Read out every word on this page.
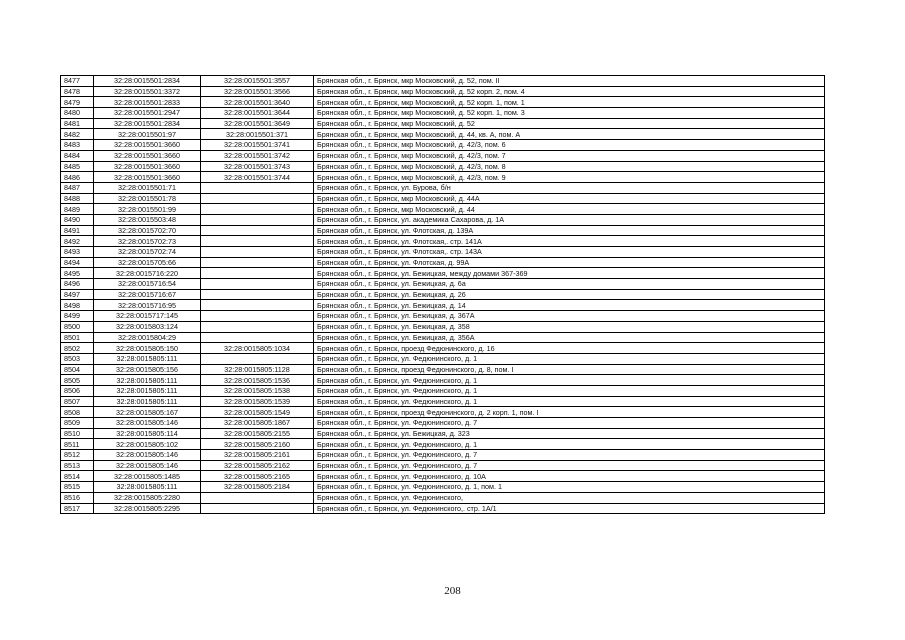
8477	32:28:0015501:2834	32:28:0015501:3557	Брянская обл., г. Брянск, мкр Московский, д. 52, пом. II
8478	32:28:0015501:3372	32:28:0015501:3566	Брянская обл., г. Брянск, мкр Московский, д. 52 корп. 2, пом. 4
8479	32:28:0015501:2833	32:28:0015501:3640	Брянская обл., г. Брянск, мкр Московский, д. 52 корп. 1, пом. 1
8480	32:28:0015501:2947	32:28:0015501:3644	Брянская обл., г. Брянск, мкр Московский, д. 52 корп. 1, пом. 3
8481	32:28:0015501:2834	32:28:0015501:3649	Брянская обл., г. Брянск, мкр Московский, д. 52
8482	32:28:0015501:97	32:28:0015501:371	Брянская обл., г. Брянск, мкр Московский, д. 44, кв. А, пом. А
8483	32:28:0015501:3660	32:28:0015501:3741	Брянская обл., г. Брянск, мкр Московский, д. 42/3, пом. 6
8484	32:28:0015501:3660	32:28:0015501:3742	Брянская обл., г. Брянск, мкр Московский, д. 42/3, пом. 7
8485	32:28:0015501:3660	32:28:0015501:3743	Брянская обл., г. Брянск, мкр Московский, д. 42/3, пом. 8
8486	32:28:0015501:3660	32:28:0015501:3744	Брянская обл., г. Брянск, мкр Московский, д. 42/3, пом. 9
8487	32:28:0015501:71		Брянская обл., г. Брянск, ул. Бурова, б/н
8488	32:28:0015501:78		Брянская обл., г. Брянск, мкр Московский, д. 44А
8489	32:28:0015501:99		Брянская обл., г. Брянск, мкр Московский, д. 44
8490	32:28:0015503:48		Брянская обл., г. Брянск, ул. академика Сахарова, д. 1А
8491	32:28:0015702:70		Брянская обл., г. Брянск, ул. Флотская, д. 139А
8492	32:28:0015702:73		Брянская обл., г. Брянск, ул. Флотская,. стр. 141А
8493	32:28:0015702:74		Брянская обл., г. Брянск, ул. Флотская,. стр. 143А
8494	32:28:0015705:66		Брянская обл., г. Брянск, ул. Флотская, д. 99А
8495	32:28:0015716:220		Брянская обл., г. Брянск, ул. Бежицкая, между домами 367-369
8496	32:28:0015716:54		Брянская обл., г. Брянск, ул. Бежицкая, д. 6а
8497	32:28:0015716:67		Брянская обл., г. Брянск, ул. Бежицкая, д. 26
8498	32:28:0015716:95		Брянская обл., г. Брянск, ул. Бежицкая, д. 14
8499	32:28:0015717:145		Брянская обл., г. Брянск, ул. Бежицкая, д. 367А
8500	32:28:0015803:124		Брянская обл., г. Брянск, ул. Бежицкая, д. 358
8501	32:28:0015804:29		Брянская обл., г. Брянск, ул. Бежицкая, д. 356А
8502	32:28:0015805:150	32:28:0015805:1034	Брянская обл., г. Брянск, проезд Федюнинского, д. 16
8503	32:28:0015805:111		Брянская обл., г. Брянск, ул. Федюнинского, д. 1
8504	32:28:0015805:156	32:28:0015805:1128	Брянская обл., г. Брянск, проезд Федюнинского, д. 8, пом. I
8505	32:28:0015805:111	32:28:0015805:1536	Брянская обл., г. Брянск, ул. Федюнинского, д. 1
8506	32:28:0015805:111	32:28:0015805:1538	Брянская обл., г. Брянск, ул. Федюнинского, д. 1
8507	32:28:0015805:111	32:28:0015805:1539	Брянская обл., г. Брянск, ул. Федюнинского, д. 1
8508	32:28:0015805:167	32:28:0015805:1549	Брянская обл., г. Брянск, проезд Федюнинского, д. 2 корп. 1, пом. I
8509	32:28:0015805:146	32:28:0015805:1867	Брянская обл., г. Брянск, ул. Федюнинского, д. 7
8510	32:28:0015805:114	32:28:0015805:2155	Брянская обл., г. Брянск, ул. Бежицкая, д. 323
8511	32:28:0015805:102	32:28:0015805:2160	Брянская обл., г. Брянск, ул. Федюнинского, д. 1
8512	32:28:0015805:146	32:28:0015805:2161	Брянская обл., г. Брянск, ул. Федюнинского, д. 7
8513	32:28:0015805:146	32:28:0015805:2162	Брянская обл., г. Брянск, ул. Федюнинского, д. 7
8514	32:28:0015805:1485	32:28:0015805:2165	Брянская обл., г. Брянск, ул. Федюнинского, д. 10А
8515	32:28:0015805:111	32:28:0015805:2184	Брянская обл., г. Брянск, ул. Федюнинского, д. 1, пом. 1
8516	32:28:0015805:2280		Брянская обл., г. Брянск, ул. Федюнинского,
8517	32:28:0015805:2295		Брянская обл., г. Брянск, ул. Федюнинского,. стр. 1А/1
208
